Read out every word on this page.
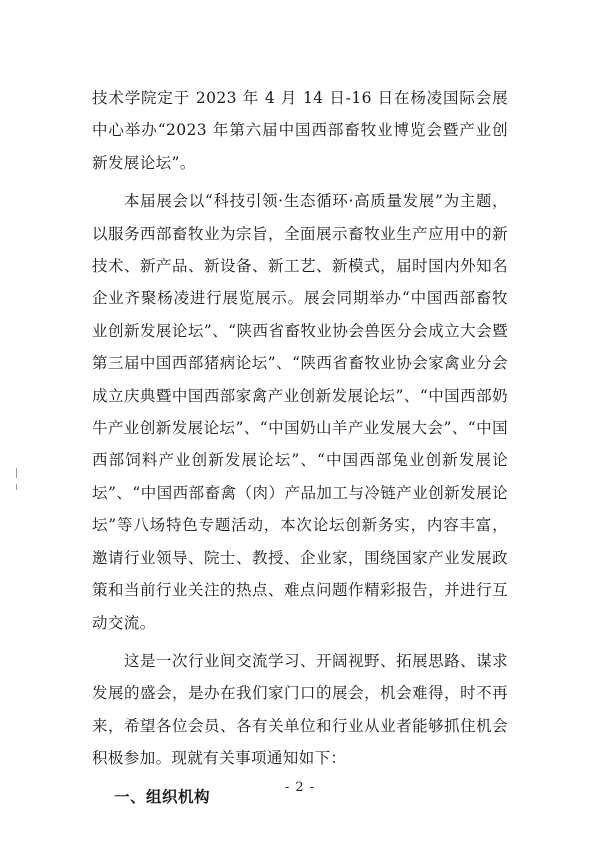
技术学院定于 2023 年 4 月 14 日-16 日在杨凌国际会展中心举办“2023 年第六届中国西部畜牧业博览会暨产业创新发展论坛”。

本届展会以“科技引领·生态循环·高质量发展”为主题，以服务西部畜牧业为宗旨，全面展示畜牧业生产应用中的新技术、新产品、新设备、新工艺、新模式，届时国内外知名企业齐聚杨凌进行展览展示。展会同期举办“中国西部畜牧业创新发展论坛”、“陕西省畜牧业协会兽医分会成立大会暨第三届中国西部猪病论坛”、“陕西省畜牧业协会家禽业分会成立庆典暨中国西部家禽产业创新发展论坛”、“中国西部奶牛产业创新发展论坛”、“中国奶山羊产业发展大会”、“中国西部饲料产业创新发展论坛”、“中国西部兔业创新发展论坛”、“中国西部畜禽（肉）产品加工与冷链产业创新发展论坛”等八场特色专题活动，本次论坛创新务实，内容丰富，邀请行业领导、院士、教授、企业家，围绕国家产业发展政策和当前行业关注的热点、难点问题作精彩报告，并进行互动交流。

这是一次行业间交流学习、开阔视野、拓展思路、谋求发展的盛会，是办在我们家门口的展会，机会难得，时不再来，希望各位会员、各有关单位和行业从业者能够抓住机会积极参加。现就有关事项通知如下：

一、组织机构
- 2 -
